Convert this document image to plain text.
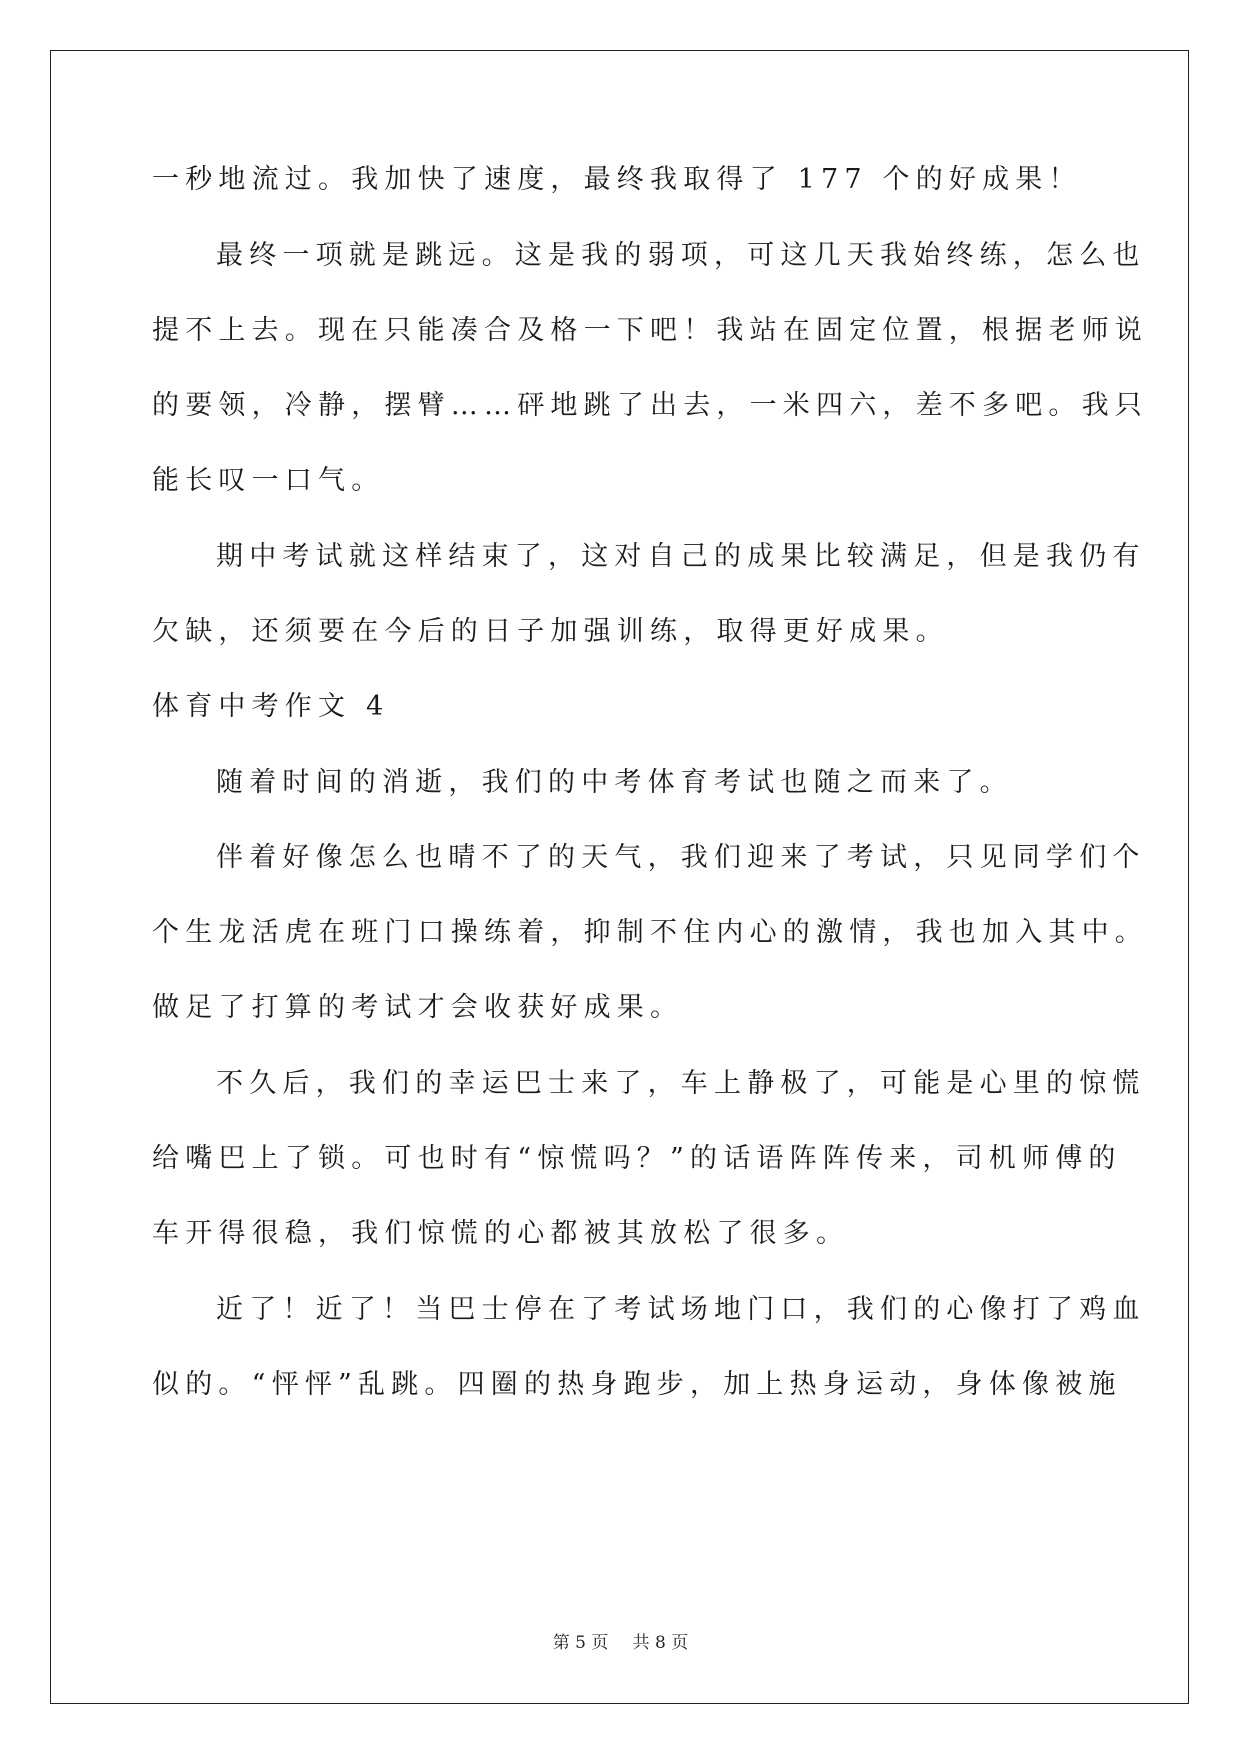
一秒地流过。我加快了速度，最终我取得了 177 个的好成果！
最终一项就是跳远。这是我的弱项，可这几天我始终练，怎么也
提不上去。现在只能凑合及格一下吧！我站在固定位置，根据老师说
的要领，冷静，摆臂……砰地跳了出去，一米四六，差不多吧。我只
能长叹一口气。
期中考试就这样结束了，这对自己的成果比较满足，但是我仍有
欠缺，还须要在今后的日子加强训练，取得更好成果。
体育中考作文 4
随着时间的消逝，我们的中考体育考试也随之而来了。
伴着好像怎么也晴不了的天气，我们迎来了考试，只见同学们个
个生龙活虎在班门口操练着，抑制不住内心的激情，我也加入其中。
做足了打算的考试才会收获好成果。
不久后，我们的幸运巴士来了，车上静极了，可能是心里的惊慌
给嘴巴上了锁。可也时有“惊慌吗？”的话语阵阵传来，司机师傅的
车开得很稳，我们惊慌的心都被其放松了很多。
近了！近了！当巴士停在了考试场地门口，我们的心像打了鸡血
似的。“怦怦”乱跳。四圈的热身跑步，加上热身运动，身体像被施
第 5 页 共 8 页
